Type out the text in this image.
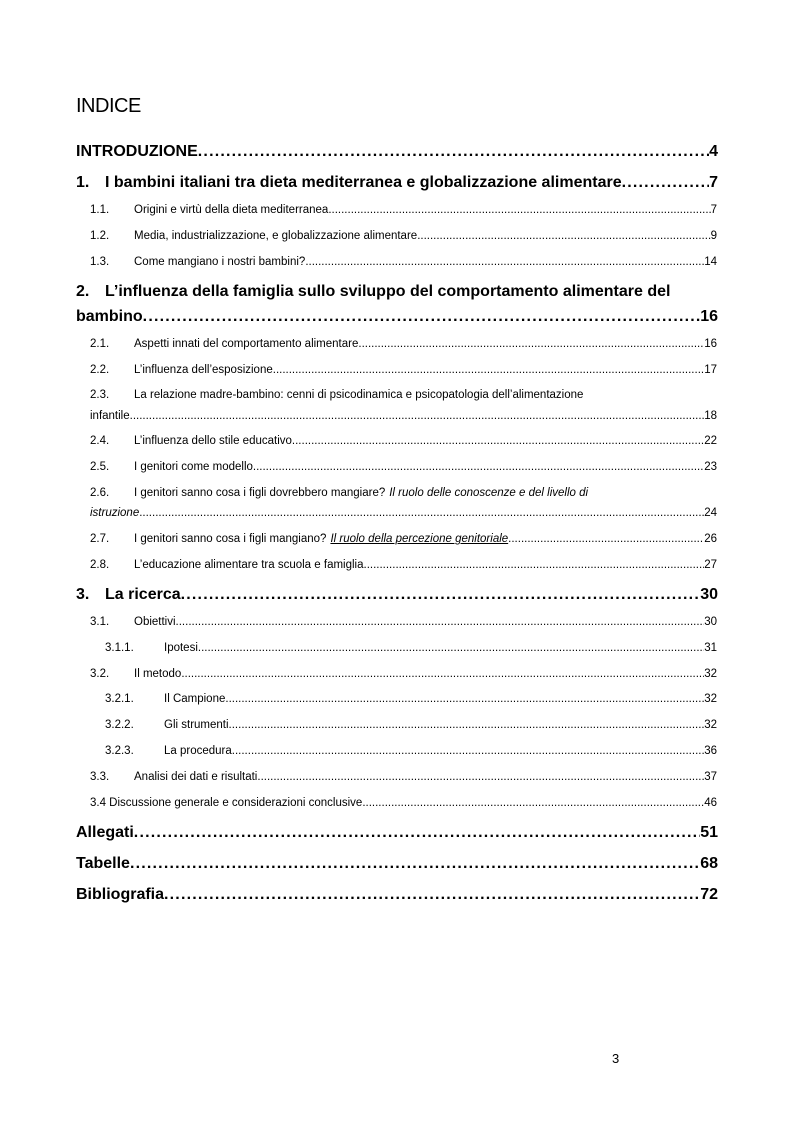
INDICE
INTRODUZIONE .....	4
1. I bambini italiani tra dieta mediterranea e globalizzazione alimentare .....	7
1.1.	Origini e virtù della dieta mediterranea .....	7
1.2.	Media, industrializzazione, e globalizzazione alimentare .....	9
1.3.	Come mangiano i nostri bambini? .....	14
2. L’influenza della famiglia sullo sviluppo del comportamento alimentare del
bambino .....	16
2.1.	Aspetti innati del comportamento alimentare .....	16
2.2.	L’influenza dell’esposizione .....	17
2.3.	La relazione madre-bambino: cenni di psicodinamica e psicopatologia dell’alimentazione
infantile .....	18
2.4.	L’influenza dello stile educativo .....	22
2.5.	I genitori come modello .....	23
2.6.	I genitori sanno cosa i figli dovrebbero mangiare? Il ruolo delle conoscenze e del livello di
istruzione .....	24
2.7.	I genitori sanno cosa i figli mangiano? Il ruolo della percezione genitoriale .....	26
2.8.	L’educazione alimentare tra scuola e famiglia .....	27
3. La ricerca .....	30
3.1.	Obiettivi .....	30
3.1.1.	Ipotesi .....	31
3.2.	Il metodo .....	32
3.2.1.	Il Campione .....	32
3.2.2.	Gli strumenti .....	32
3.2.3.	La procedura .....	36
3.3.	Analisi dei dati e risultati .....	37
3.4 Discussione generale e considerazioni conclusive .....	46
Allegati .....	51
Tabelle .....	68
Bibliografia .....	72
3
